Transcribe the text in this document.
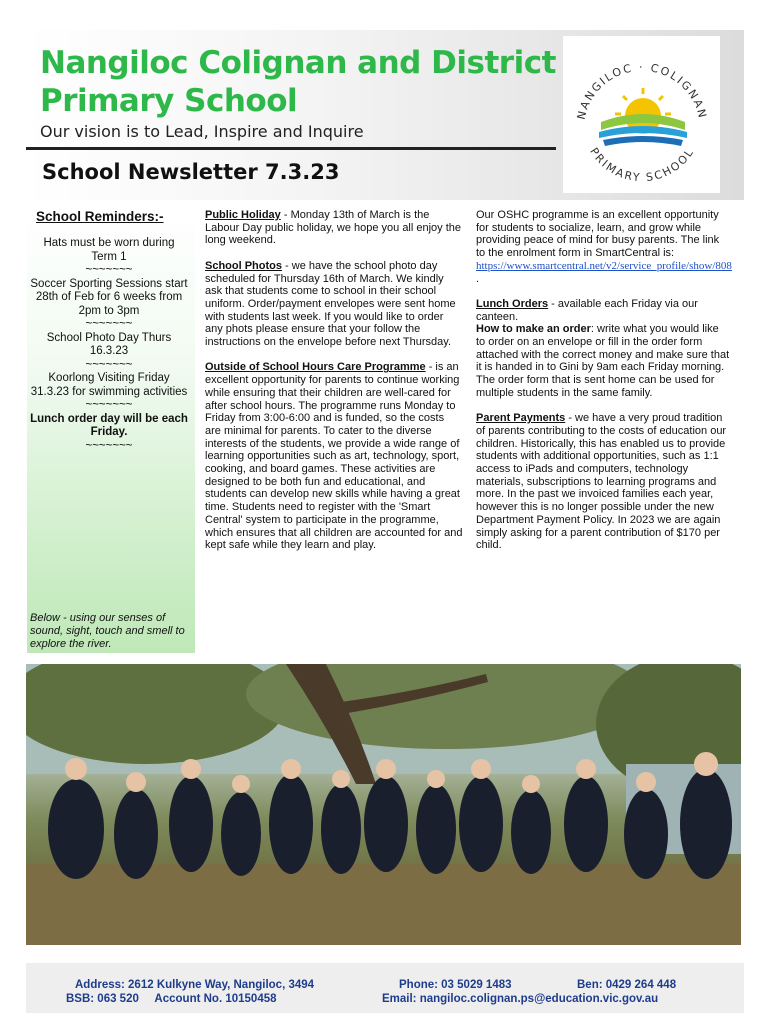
Nangiloc Colignan and District
Primary School
Our vision is to Lead, Inspire and Inquire
NANGILOC · COLIGNAN
PRIMARY SCHOOL
School Newsletter 7.3.23
School Reminders:-

Hats must be worn during Term 1

~~~~~~~

Soccer Sporting Sessions start 28th of Feb for 6 weeks from 2pm to 3pm

~~~~~~~

School Photo Day Thurs 16.3.23

~~~~~~~

Koorlong Visiting Friday 31.3.23 for swimming activities

~~~~~~~

Lunch order day will be each Friday.

~~~~~~~

Below - using our senses of sound, sight, touch and smell to explore the river.

Public Holiday - Monday 13th of March is the Labour Day public holiday, we hope you all enjoy the long weekend.

School Photos - we have the school photo day scheduled for Thursday 16th of March. We kindly ask that students come to school in their school uniform. Order/payment envelopes were sent home with students last week. If you would like to order any phots please ensure that your follow the instructions on the envelope before next Thursday.

Outside of School Hours Care Programme - is an excellent opportunity for parents to continue working while ensuring that their children are well-cared for after school hours. The programme runs Monday to Friday from 3:00-6:00 and is funded, so the costs are minimal for parents. To cater to the diverse interests of the students, we provide a wide range of learning opportunities such as art, technology, sport, cooking, and board games. These activities are designed to be both fun and educational, and students can develop new skills while having a great time. Students need to register with the 'Smart Central' system to participate in the programme, which ensures that all children are accounted for and kept safe while they learn and play.

Our OSHC programme is an excellent opportunity for students to socialize, learn, and grow while providing peace of mind for busy parents. The link to the enrolment form in SmartCentral is: https://www.smartcentral.net/v2/service_profile/show/808 .

Lunch Orders - available each Friday via our canteen.

How to make an order: write what you would like to order on an envelope or fill in the order form attached with the correct money and make sure that it is handed in to Gini by 9am each Friday morning.

The order form that is sent home can be used for multiple students in the same family.

Parent Payments - we have a very proud tradition of parents contributing to the costs of education our children. Historically, this has enabled us to provide students with additional opportunities, such as 1:1 access to iPads and computers, technology materials, subscriptions to learning programs and more. In the past we invoiced families each year, however this is no longer possible under the new Department Payment Policy. In 2023 we are again simply asking for a parent contribution of $170 per child.

Address: 2612 Kulkyne Way, Nangiloc, 3494
BSB: 063 520     Account No. 10150458
Phone: 03 5029 1483	Ben: 0429 264 448
Email: nangiloc.colignan.ps@education.vic.gov.au
